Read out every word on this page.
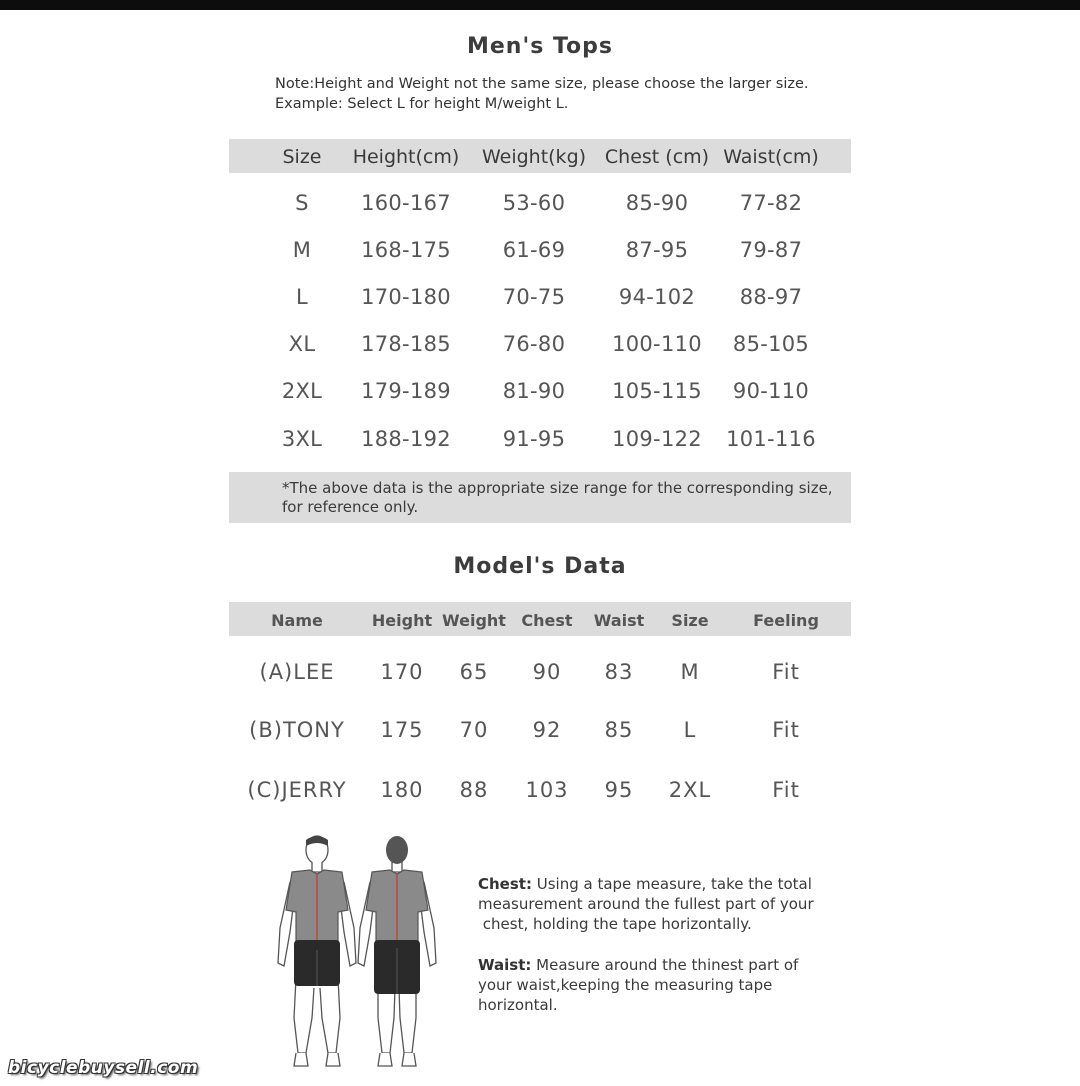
Men's Tops
Note:Height and Weight not the same size, please choose the larger size.
Example: Select L for height M/weight L.
Size Height(cm) Weight(kg) Chest (cm) Waist(cm)
S 160-167 53-60	85-90 77-82
M 168-175 61-69	87-95 79-87
L	170-180 70-75	94-102 88-97
XL 178-185 76-80 100-110 85-105
2XL 179-189 81-90 105-115 90-110
3XL 188-192 91-95 109-122 101-116
*The above data is the appropriate size range for the corresponding size,
for reference only.
Model's Data
Name	Height Weight Chest Waist Size	Feeling
(A)LEE 170 65 90 83 M	Fit
(B)TONY 175 70 92 85 L	Fit
(C)JERRY 180 88 103 95 2XL	Fit
Chest: Using a tape measure, take the total
measurement around the fullest part of your
chest, holding the tape horizontally.
Waist: Measure around the thinest part of
your waist,keeping the measuring tape
horizontal.
bicyclebuysell.com
